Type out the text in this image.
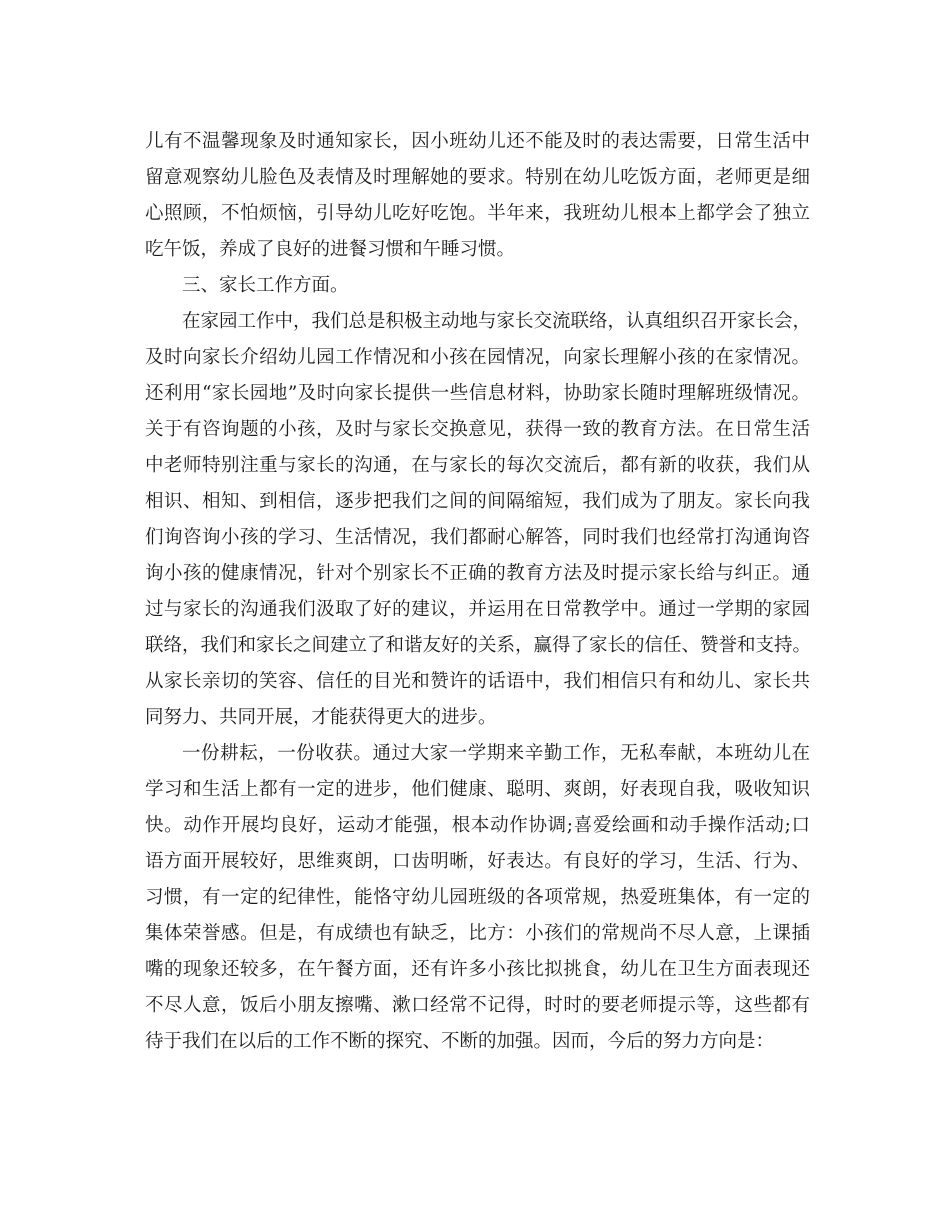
儿有不温馨现象及时通知家长，因小班幼儿还不能及时的表达需要，日常生活中
留意观察幼儿脸色及表情及时理解她的要求。特别在幼儿吃饭方面，老师更是细
心照顾，不怕烦恼，引导幼儿吃好吃饱。半年来，我班幼儿根本上都学会了独立
吃午饭，养成了良好的进餐习惯和午睡习惯。
三、家长工作方面。
在家园工作中，我们总是积极主动地与家长交流联络，认真组织召开家长会，
及时向家长介绍幼儿园工作情况和小孩在园情况，向家长理解小孩的在家情况。
还利用“家长园地”及时向家长提供一些信息材料，协助家长随时理解班级情况。
关于有咨询题的小孩，及时与家长交换意见，获得一致的教育方法。在日常生活
中老师特别注重与家长的沟通，在与家长的每次交流后，都有新的收获，我们从
相识、相知、到相信，逐步把我们之间的间隔缩短，我们成为了朋友。家长向我
们询咨询小孩的学习、生活情况，我们都耐心解答，同时我们也经常打沟通询咨
询小孩的健康情况，针对个别家长不正确的教育方法及时提示家长给与纠正。通
过与家长的沟通我们汲取了好的建议，并运用在日常教学中。通过一学期的家园
联络，我们和家长之间建立了和谐友好的关系，赢得了家长的信任、赞誉和支持。
从家长亲切的笑容、信任的目光和赞许的话语中，我们相信只有和幼儿、家长共
同努力、共同开展，才能获得更大的进步。
一份耕耘，一份收获。通过大家一学期来辛勤工作，无私奉献，本班幼儿在
学习和生活上都有一定的进步，他们健康、聪明、爽朗，好表现自我，吸收知识
快。动作开展均良好，运动才能强，根本动作协调;喜爱绘画和动手操作活动;口
语方面开展较好，思维爽朗，口齿明晰，好表达。有良好的学习，生活、行为、
习惯，有一定的纪律性，能恪守幼儿园班级的各项常规，热爱班集体，有一定的
集体荣誉感。但是，有成绩也有缺乏，比方：小孩们的常规尚不尽人意，上课插
嘴的现象还较多，在午餐方面，还有许多小孩比拟挑食，幼儿在卫生方面表现还
不尽人意，饭后小朋友擦嘴、漱口经常不记得，时时的要老师提示等，这些都有
待于我们在以后的工作不断的探究、不断的加强。因而，今后的努力方向是：
